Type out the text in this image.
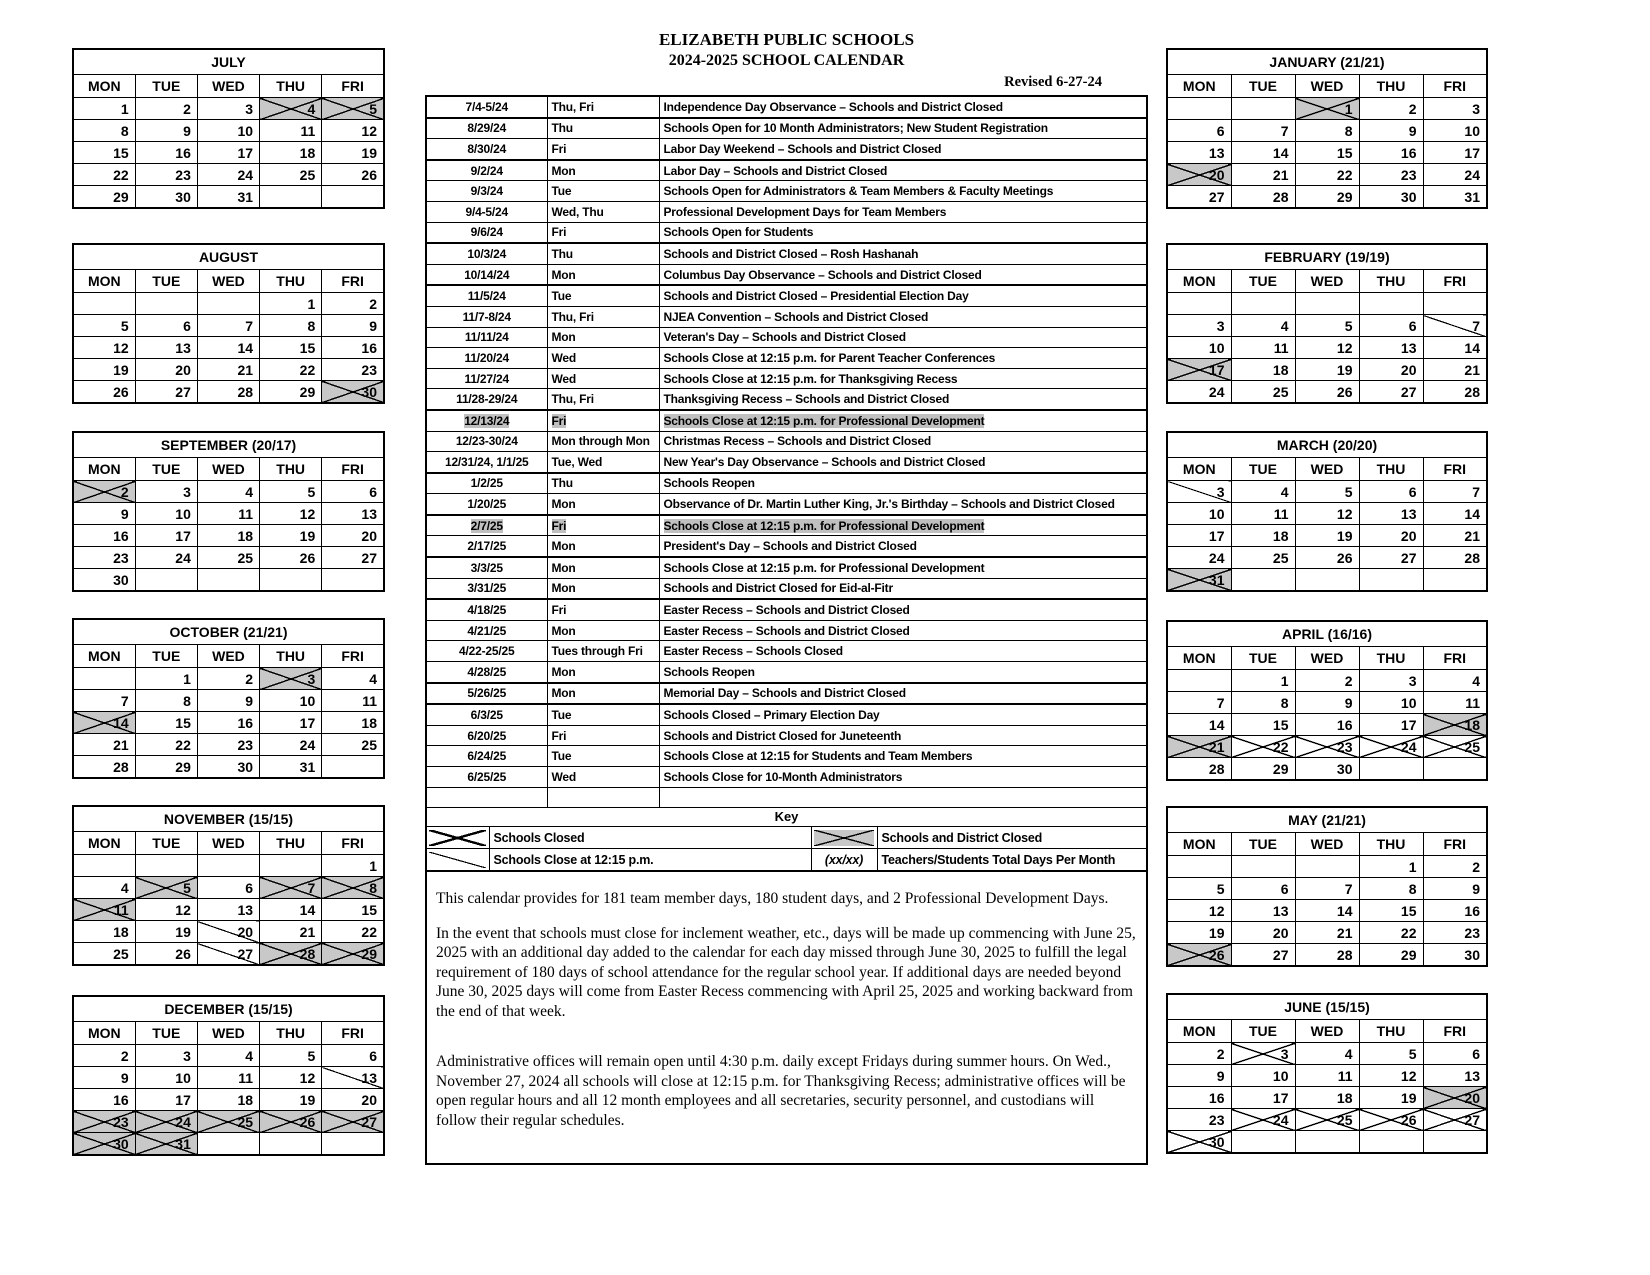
ELIZABETH PUBLIC SCHOOLS
2024-2025 SCHOOL CALENDAR
Revised 6-27-24
7/4-5/24	Thu, Fri	Independence Day Observance – Schools and District Closed
8/29/24	Thu	Schools Open for 10 Month Administrators; New Student Registration
8/30/24	Fri	Labor Day Weekend – Schools and District Closed
9/2/24	Mon	Labor Day – Schools and District Closed
9/3/24	Tue	Schools Open for Administrators & Team Members & Faculty Meetings
9/4-5/24	Wed, Thu	Professional Development Days for Team Members
9/6/24	Fri	Schools Open for Students
10/3/24	Thu	Schools and District Closed – Rosh Hashanah
10/14/24	Mon	Columbus Day Observance – Schools and District Closed
11/5/24	Tue	Schools and District Closed – Presidential Election Day
11/7-8/24	Thu, Fri	NJEA Convention – Schools and District Closed
11/11/24	Mon	Veteran's Day – Schools and District Closed
11/20/24	Wed	Schools Close at 12:15 p.m. for Parent Teacher Conferences
11/27/24	Wed	Schools Close at 12:15 p.m. for Thanksgiving Recess
11/28-29/24	Thu, Fri	Thanksgiving Recess – Schools and District Closed
12/13/24	Fri	Schools Close at 12:15 p.m. for Professional Development
12/23-30/24	Mon through Mon	Christmas Recess – Schools and District Closed
12/31/24, 1/1/25	Tue, Wed	New Year's Day Observance – Schools and District Closed
1/2/25	Thu	Schools Reopen
1/20/25	Mon	Observance of Dr. Martin Luther King, Jr.'s Birthday – Schools and District Closed
2/7/25	Fri	Schools Close at 12:15 p.m. for Professional Development
2/17/25	Mon	President's Day – Schools and District Closed
3/3/25	Mon	Schools Close at 12:15 p.m. for Professional Development
3/31/25	Mon	Schools and District Closed for Eid-al-Fitr
4/18/25	Fri	Easter Recess – Schools and District Closed
4/21/25	Mon	Easter Recess – Schools and District Closed
4/22-25/25	Tues through Fri	Easter Recess – Schools Closed
4/28/25	Mon	Schools Reopen
5/26/25	Mon	Memorial Day – Schools and District Closed
6/3/25	Tue	Schools Closed – Primary Election Day
6/20/25	Fri	Schools and District Closed for Juneteenth
6/24/25	Tue	Schools Close at 12:15 for Students and Team Members
6/25/25	Wed	Schools Close for 10-Month Administrators

Key
	Schools Closed		Schools and District Closed

	Schools Close at 12:15 p.m.	(xx/xx)	Teachers/Students Total Days Per Month

This calendar provides for 181 team member days, 180 student days, and 2 Professional Development Days.

In the event that schools must close for inclement weather, etc., days will be made up commencing with June 25, 2025 with an additional day added to the calendar for each day missed through June 30, 2025 to fulfill the legal requirement of 180 days of school attendance for the regular school year. If additional days are needed beyond June 30, 2025 days will come from Easter Recess commencing with April 25, 2025 and working backward from the end of that week.

Administrative offices will remain open until 4:30 p.m. daily except Fridays during summer hours. On Wed., November 27, 2024 all schools will close at 12:15 p.m. for Thanksgiving Recess; administrative offices will be open regular hours and all 12 month employees and all secretaries, security personnel, and custodians will follow their regular schedules.

JULY				
MON	TUE	WED	THU	FRI
1	2	3	4	5
8	9	10	11	12
15	16	17	18	19
22	23	24	25	26
29	30	31		
AUGUST				
MON	TUE	WED	THU	FRI
			1	2
5	6	7	8	9
12	13	14	15	16
19	20	21	22	23
26	27	28	29	30
SEPTEMBER (20/17)				
MON	TUE	WED	THU	FRI
2	3	4	5	6
9	10	11	12	13
16	17	18	19	20
23	24	25	26	27
30				
OCTOBER (21/21)				
MON	TUE	WED	THU	FRI
	1	2	3	4
7	8	9	10	11
14	15	16	17	18
21	22	23	24	25
28	29	30	31	
NOVEMBER (15/15)				
MON	TUE	WED	THU	FRI
				1
4	5	6	7	8
11	12	13	14	15
18	19	20	21	22
25	26	27	28	29
DECEMBER (15/15)				
MON	TUE	WED	THU	FRI
2	3	4	5	6
9	10	11	12	13
16	17	18	19	20
23	24	25	26	27
30	31			
JANUARY (21/21)				
MON	TUE	WED	THU	FRI
		1	2	3
6	7	8	9	10
13	14	15	16	17
20	21	22	23	24
27	28	29	30	31
FEBRUARY (19/19)				
MON	TUE	WED	THU	FRI

3	4	5	6	7
10	11	12	13	14
17	18	19	20	21
24	25	26	27	28
MARCH (20/20)				
MON	TUE	WED	THU	FRI
3	4	5	6	7
10	11	12	13	14
17	18	19	20	21
24	25	26	27	28
31				
APRIL (16/16)				
MON	TUE	WED	THU	FRI
	1	2	3	4
7	8	9	10	11
14	15	16	17	18
21	22	23	24	25
28	29	30		
MAY (21/21)				
MON	TUE	WED	THU	FRI
			1	2
5	6	7	8	9
12	13	14	15	16
19	20	21	22	23
26	27	28	29	30
JUNE (15/15)				
MON	TUE	WED	THU	FRI
2	3	4	5	6
9	10	11	12	13
16	17	18	19	20
23	24	25	26	27
30				
